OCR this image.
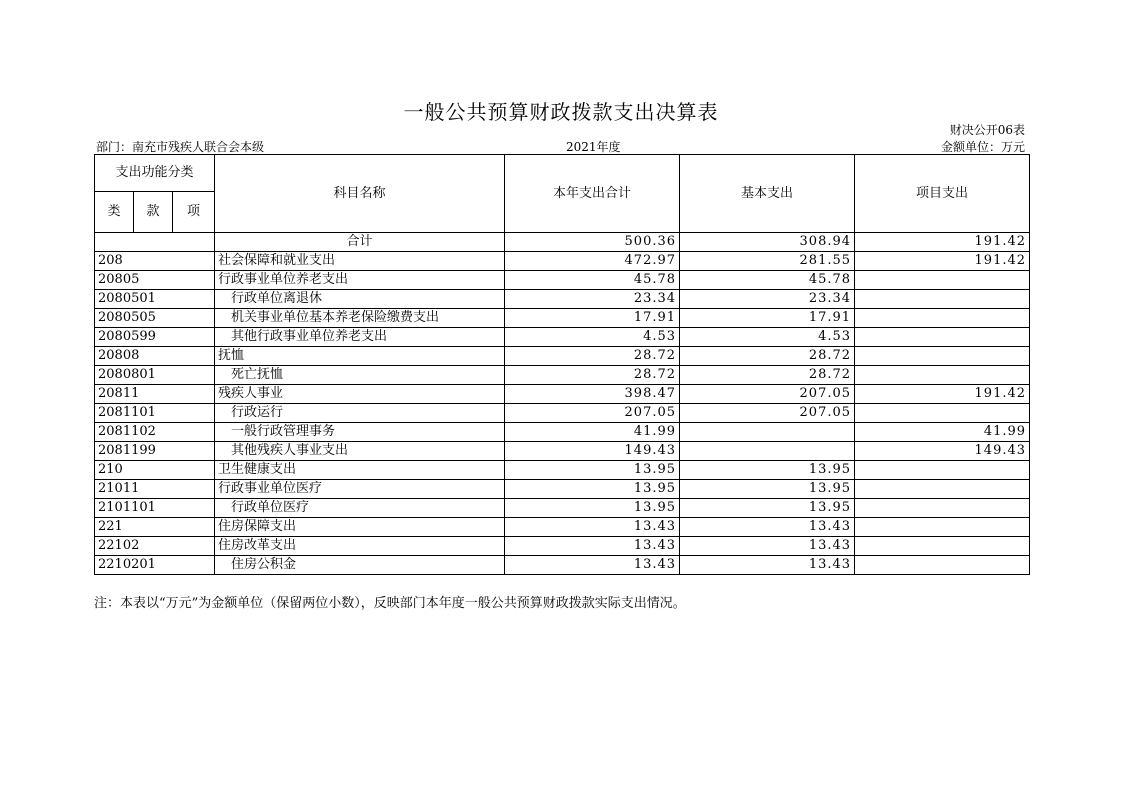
一般公共预算财政拨款支出决算表
财决公开06表
部门：南充市残疾人联合会本级	2021年度	金额单位：万元
支出功能分类			科目名称	本年支出合计	基本支出	项目支出
类	款	项				
			合计	500.36	308.94	191.42
208			社会保障和就业支出	472.97	281.55	191.42
20805			行政事业单位养老支出	45.78	45.78	
2080501			行政单位离退休	23.34	23.34	
2080505			机关事业单位基本养老保险缴费支出	17.91	17.91	
2080599			其他行政事业单位养老支出	4.53	4.53	
20808			抚恤	28.72	28.72	
2080801			死亡抚恤	28.72	28.72	
20811			残疾人事业	398.47	207.05	191.42
2081101			行政运行	207.05	207.05	
2081102			一般行政管理事务	41.99		41.99
2081199			其他残疾人事业支出	149.43		149.43
210			卫生健康支出	13.95	13.95	
21011			行政事业单位医疗	13.95	13.95	
2101101			行政单位医疗	13.95	13.95	
221			住房保障支出	13.43	13.43	
22102			住房改革支出	13.43	13.43	
2210201			住房公积金	13.43	13.43	
注：本表以“万元”为金额单位（保留两位小数），反映部门本年度一般公共预算财政拨款实际支出情况。
